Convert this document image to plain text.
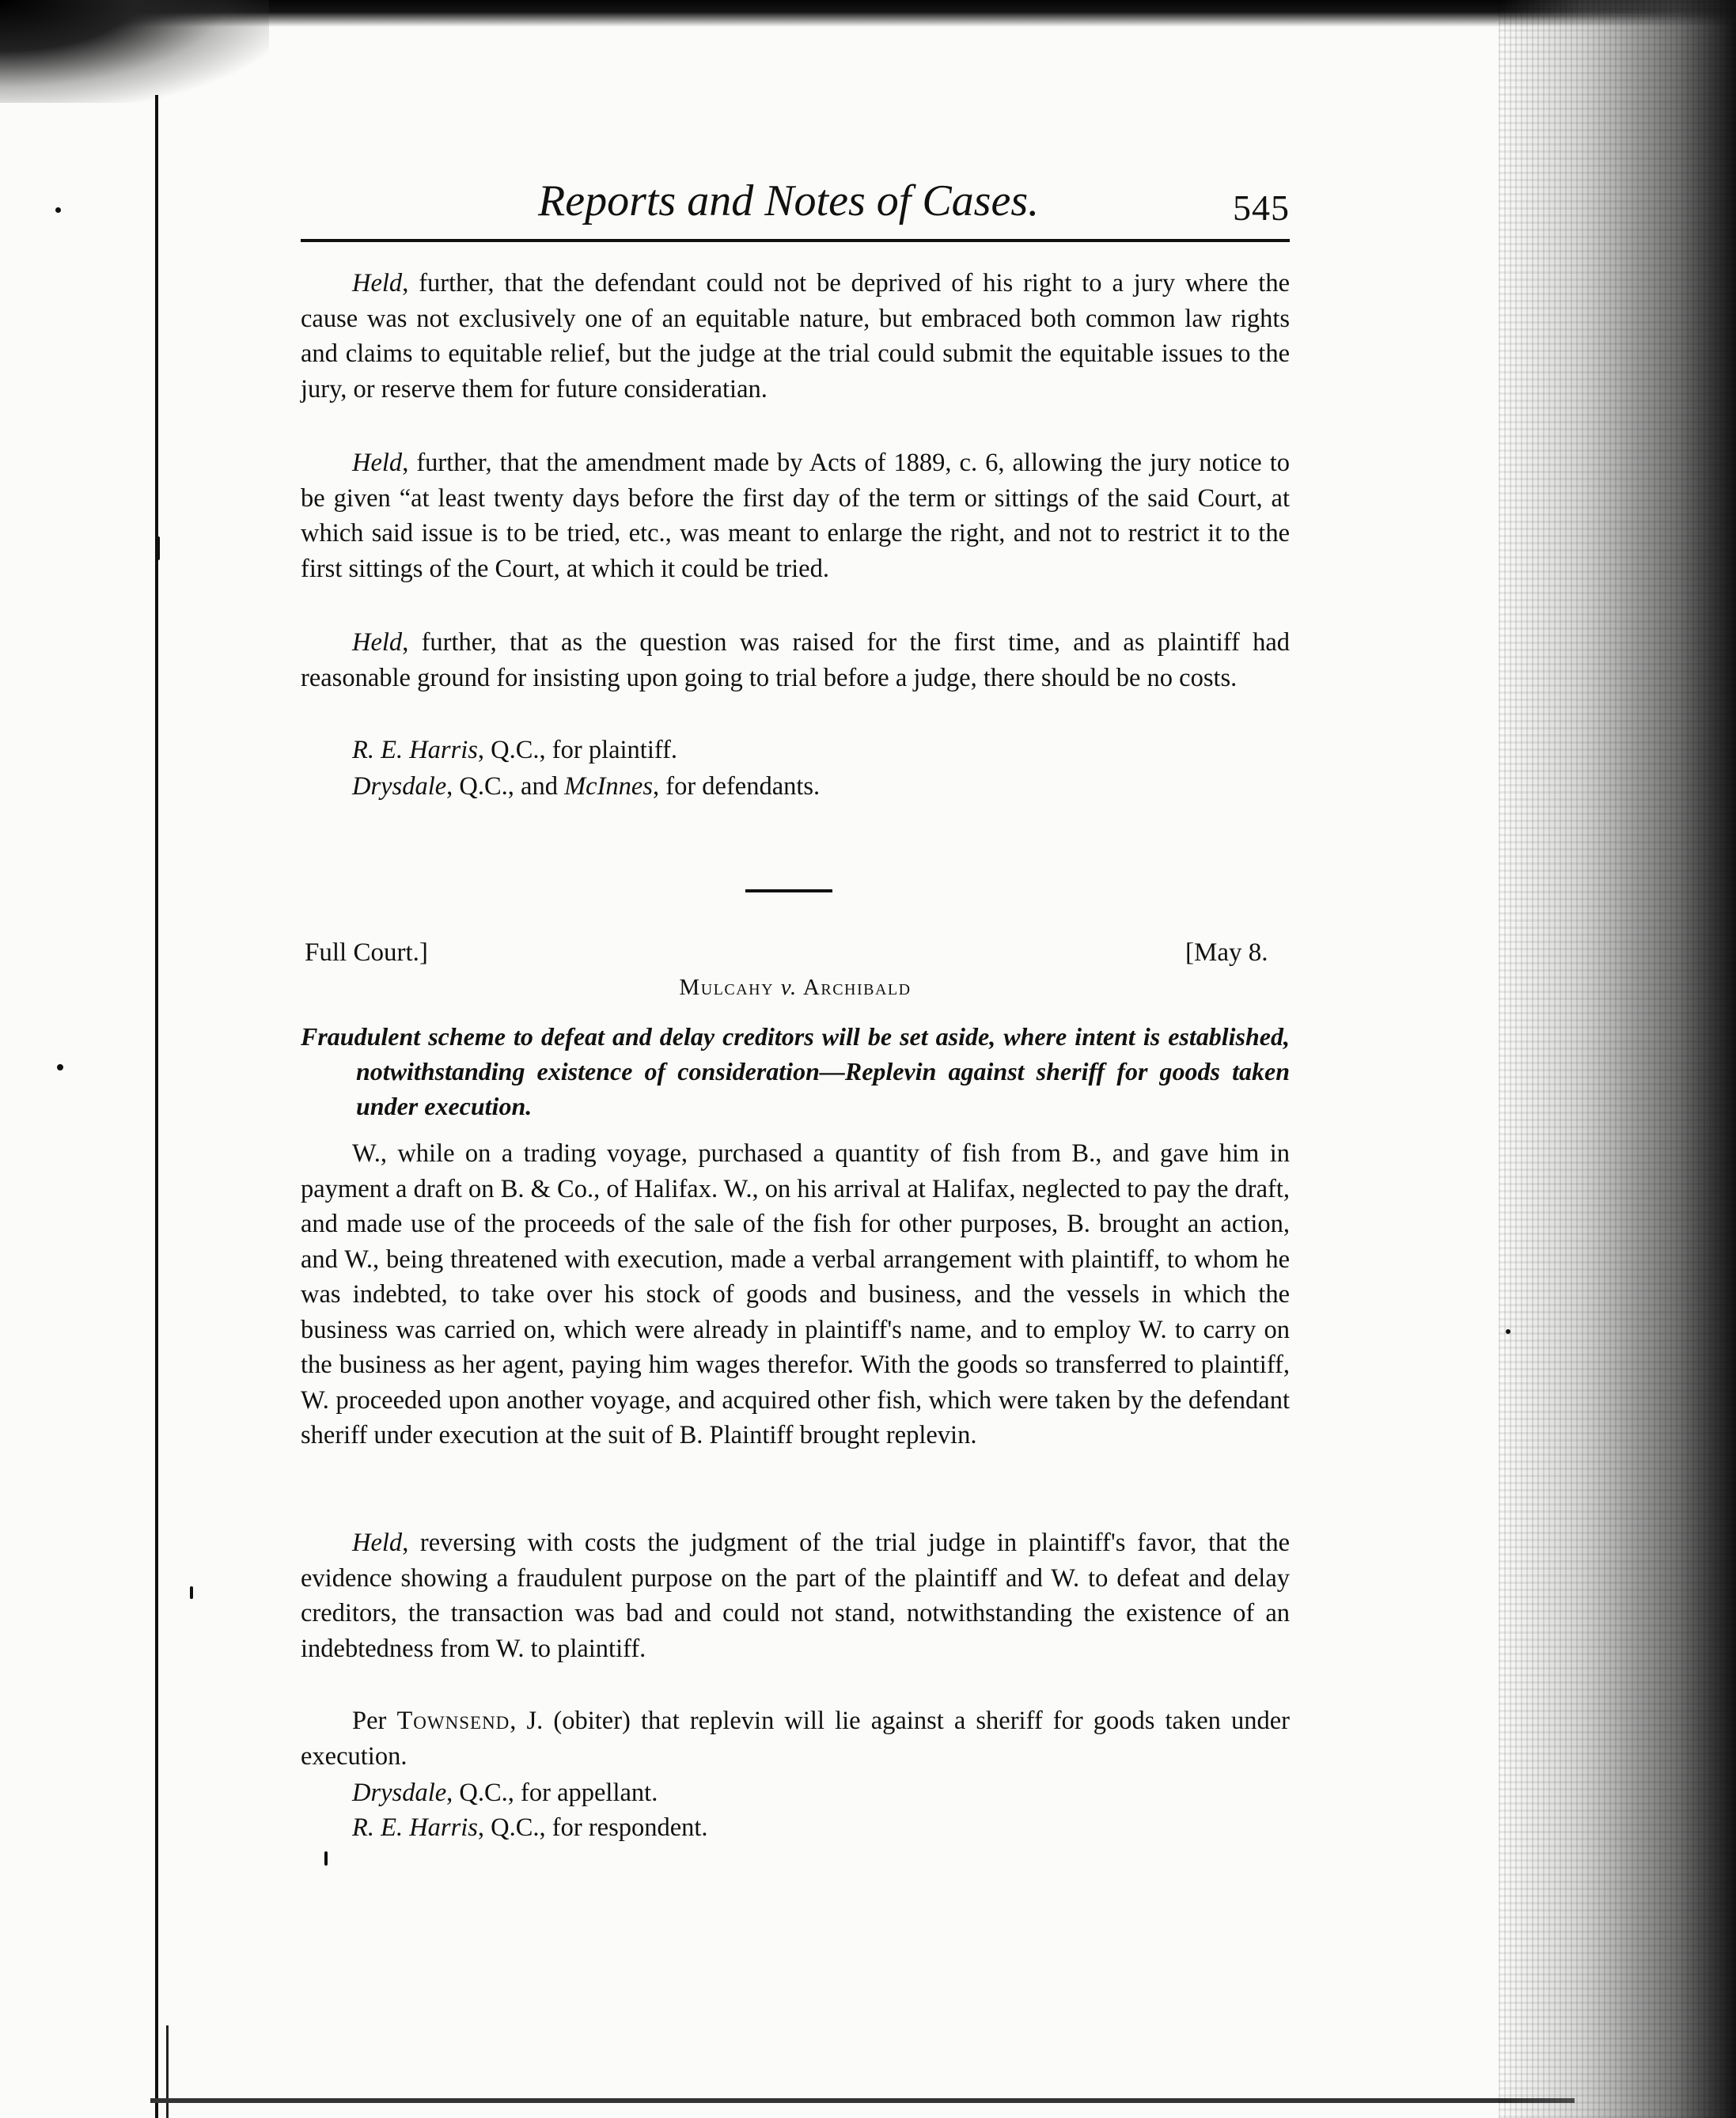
Reports and Notes of Cases.	545

Held, further, that the defendant could not be deprived of his right to a jury where the cause was not exclusively one of an equitable nature, but embraced both common law rights and claims to equitable relief, but the judge at the trial could submit the equitable issues to the jury, or reserve them for future consideratian.

Held, further, that the amendment made by Acts of 1889, c. 6, allowing the jury notice to be given “at least twenty days before the first day of the term or sittings of the said Court, at which said issue is to be tried, etc., was meant to enlarge the right, and not to restrict it to the first sittings of the Court, at which it could be tried.

Held, further, that as the question was raised for the first time, and as plaintiff had reasonable ground for insisting upon going to trial before a judge, there should be no costs.

R. E. Harris, Q.C., for plaintiff.
Drysdale, Q.C., and McInnes, for defendants.
Full Court.]	[May 8.
Mulcahy v. Archibald

Fraudulent scheme to defeat and delay creditors will be set aside, where intent is established, notwithstanding existence of consideration—Replevin against sheriff for goods taken under execution.

W., while on a trading voyage, purchased a quantity of fish from B., and gave him in payment a draft on B. & Co., of Halifax. W., on his arrival at Halifax, neglected to pay the draft, and made use of the proceeds of the sale of the fish for other purposes, B. brought an action, and W., being threatened with execution, made a verbal arrangement with plaintiff, to whom he was indebted, to take over his stock of goods and business, and the vessels in which the business was carried on, which were already in plaintiff's name, and to employ W. to carry on the business as her agent, paying him wages therefor. With the goods so transferred to plaintiff, W. proceeded upon another voyage, and acquired other fish, which were taken by the defendant sheriff under execution at the suit of B. Plaintiff brought replevin.

Held, reversing with costs the judgment of the trial judge in plaintiff's favor, that the evidence showing a fraudulent purpose on the part of the plaintiff and W. to defeat and delay creditors, the transaction was bad and could not stand, notwithstanding the existence of an indebtedness from W. to plaintiff.

Per Townsend, J. (obiter) that replevin will lie against a sheriff for goods taken under execution.

Drysdale, Q.C., for appellant.
R. E. Harris, Q.C., for respondent.
